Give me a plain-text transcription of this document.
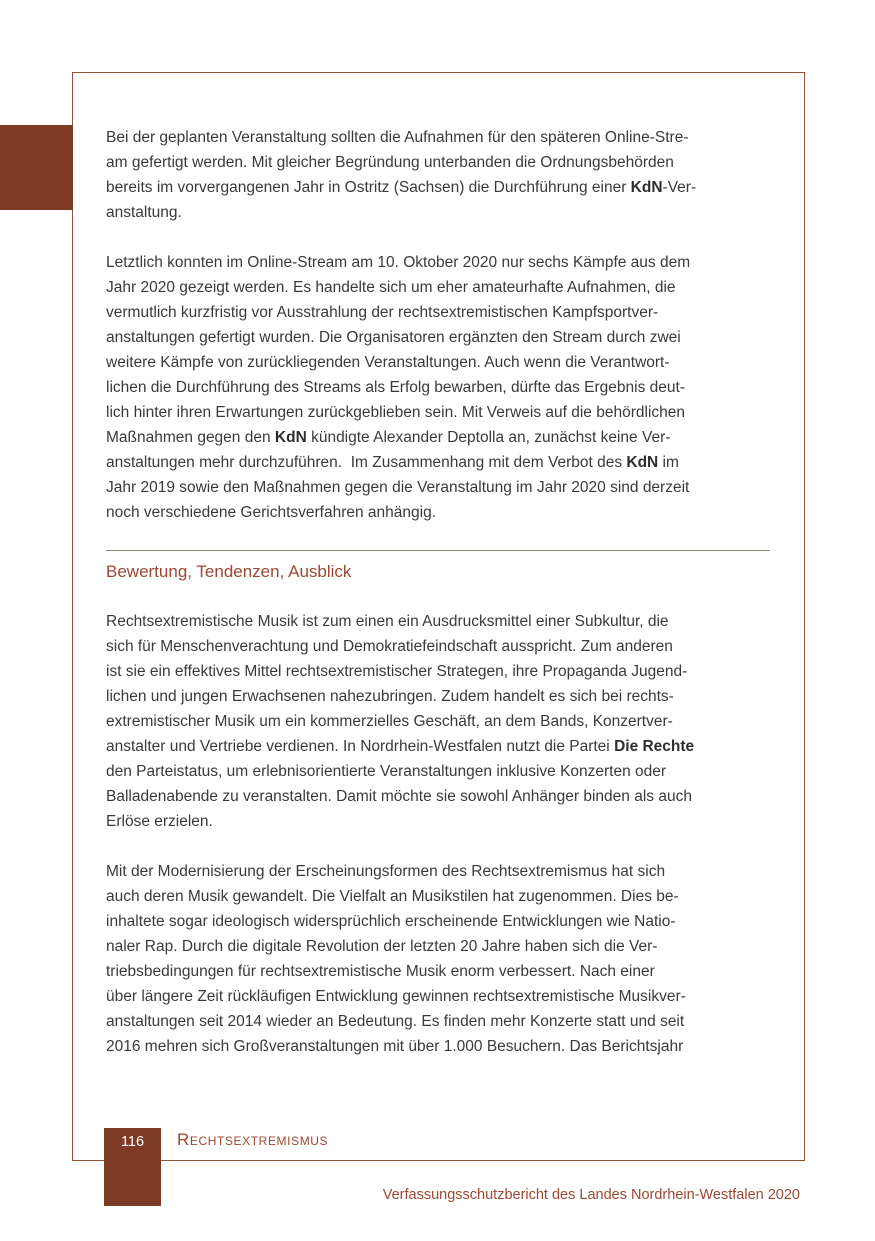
Bei der geplanten Veranstaltung sollten die Aufnahmen für den späteren Online-Stre-
am gefertigt werden. Mit gleicher Begründung unterbanden die Ordnungsbehörden
bereits im vorvergangenen Jahr in Ostritz (Sachsen) die Durchführung einer KdN-Ver-
anstaltung.
Letztlich konnten im Online-Stream am 10. Oktober 2020 nur sechs Kämpfe aus dem
Jahr 2020 gezeigt werden. Es handelte sich um eher amateurhafte Aufnahmen, die
vermutlich kurzfristig vor Ausstrahlung der rechtsextremistischen Kampfsportver-
anstaltungen gefertigt wurden. Die Organisatoren ergänzten den Stream durch zwei
weitere Kämpfe von zurückliegenden Veranstaltungen. Auch wenn die Verantwort-
lichen die Durchführung des Streams als Erfolg bewarben, dürfte das Ergebnis deut-
lich hinter ihren Erwartungen zurückgeblieben sein. Mit Verweis auf die behördlichen
Maßnahmen gegen den KdN kündigte Alexander Deptolla an, zunächst keine Ver-
anstaltungen mehr durchzuführen.  Im Zusammenhang mit dem Verbot des KdN im
Jahr 2019 sowie den Maßnahmen gegen die Veranstaltung im Jahr 2020 sind derzeit
noch verschiedene Gerichtsverfahren anhängig.
Bewertung, Tendenzen, Ausblick
Rechtsextremistische Musik ist zum einen ein Ausdrucksmittel einer Subkultur, die
sich für Menschenverachtung und Demokratiefeindschaft ausspricht. Zum anderen
ist sie ein effektives Mittel rechtsextremistischer Strategen, ihre Propaganda Jugend-
lichen und jungen Erwachsenen nahezubringen. Zudem handelt es sich bei rechts-
extremistischer Musik um ein kommerzielles Geschäft, an dem Bands, Konzertver-
anstalter und Vertriebe verdienen. In Nordrhein-Westfalen nutzt die Partei Die Rechte
den Parteistatus, um erlebnisorientierte Veranstaltungen inklusive Konzerten oder
Balladenabende zu veranstalten. Damit möchte sie sowohl Anhänger binden als auch
Erlöse erzielen.
Mit der Modernisierung der Erscheinungsformen des Rechtsextremismus hat sich
auch deren Musik gewandelt. Die Vielfalt an Musikstilen hat zugenommen. Dies be-
inhaltete sogar ideologisch widersprüchlich erscheinende Entwicklungen wie Natio-
naler Rap. Durch die digitale Revolution der letzten 20 Jahre haben sich die Ver-
triebsbedingungen für rechtsextremistische Musik enorm verbessert. Nach einer
über längere Zeit rückläufigen Entwicklung gewinnen rechtsextremistische Musikver-
anstaltungen seit 2014 wieder an Bedeutung. Es finden mehr Konzerte statt und seit
2016 mehren sich Großveranstaltungen mit über 1.000 Besuchern. Das Berichtsjahr
116	Rechtsextremismus
Verfassungsschutzbericht des Landes Nordrhein-Westfalen 2020
